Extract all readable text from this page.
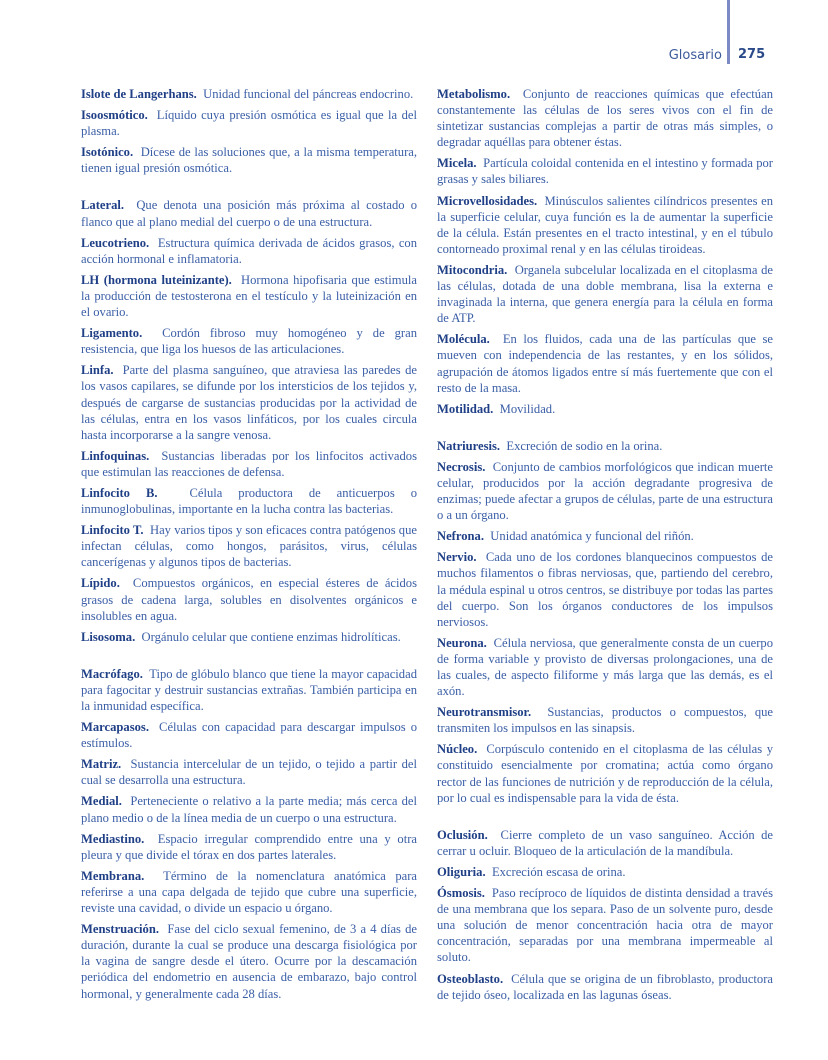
Glosario 275

Islote de Langerhans. Unidad funcional del páncreas endocrino.

Isoosmótico. Líquido cuya presión osmótica es igual que la del plasma.

Isotónico. Dícese de las soluciones que, a la misma temperatura, tienen igual presión osmótica.

Lateral. Que denota una posición más próxima al costado o flanco que al plano medial del cuerpo o de una estructura.

Leucotrieno. Estructura química derivada de ácidos grasos, con acción hormonal e inflamatoria.

LH (hormona luteinizante). Hormona hipofisaria que estimula la producción de testosterona en el testículo y la luteinización en el ovario.

Ligamento. Cordón fibroso muy homogéneo y de gran resistencia, que liga los huesos de las articulaciones.

Linfa. Parte del plasma sanguíneo, que atraviesa las paredes de los vasos capilares, se difunde por los intersticios de los tejidos y, después de cargarse de sustancias producidas por la actividad de las células, entra en los vasos linfáticos, por los cuales circula hasta incorporarse a la sangre venosa.

Linfoquinas. Sustancias liberadas por los linfocitos activados que estimulan las reacciones de defensa.

Linfocito B.	Célula productora de anticuerpos o inmunoglobulinas, importante en la lucha contra las bacterias.

Linfocito T. Hay varios tipos y son eficaces contra patógenos que infectan células, como hongos, parásitos, virus, células cancerígenas y algunos tipos de bacterias.

Lípido. Compuestos orgánicos, en especial ésteres de ácidos grasos de cadena larga, solubles en disolventes orgánicos e insolubles en agua.

Lisosoma. Orgánulo celular que contiene enzimas hidrolíticas.

Macrófago. Tipo de glóbulo blanco que tiene la mayor capacidad para fagocitar y destruir sustancias extrañas. También participa en la inmunidad específica.

Marcapasos. Células con capacidad para descargar impulsos o estímulos.

Matriz. Sustancia intercelular de un tejido, o tejido a partir del cual se desarrolla una estructura.

Medial. Perteneciente o relativo a la parte media; más cerca del plano medio o de la línea media de un cuerpo o una estructura.

Mediastino. Espacio irregular comprendido entre una y otra pleura y que divide el tórax en dos partes laterales.

Membrana. Término de la nomenclatura anatómica para referirse a una capa delgada de tejido que cubre una superficie, reviste una cavidad, o divide un espacio u órgano.

Menstruación. Fase del ciclo sexual femenino, de 3 a 4 días de duración, durante la cual se produce una descarga fisiológica por la vagina de sangre desde el útero. Ocurre por la descamación periódica del endometrio en ausencia de embarazo, bajo control hormonal, y generalmente cada 28 días.

Metabolismo. Conjunto de reacciones químicas que efectúan constantemente las células de los seres vivos con el fin de sintetizar sustancias complejas a partir de otras más simples, o degradar aquéllas para obtener éstas.

Micela. Partícula coloidal contenida en el intestino y formada por grasas y sales biliares.

Microvellosidades. Minúsculos salientes cilíndricos presentes en la superficie celular, cuya función es la de aumentar la superficie de la célula. Están presentes en el tracto intestinal, y en el túbulo contorneado proximal renal y en las células tiroideas.

Mitocondria. Organela subcelular localizada en el citoplasma de las células, dotada de una doble membrana, lisa la externa e invaginada la interna, que genera energía para la célula en forma de ATP.

Molécula. En los fluidos, cada una de las partículas que se mueven con independencia de las restantes, y en los sólidos, agrupación de átomos ligados entre sí más fuertemente que con el resto de la masa.

Motilidad. Movilidad.

Natriuresis. Excreción de sodio en la orina.

Necrosis. Conjunto de cambios morfológicos que indican muerte celular, producidos por la acción degradante progresiva de enzimas; puede afectar a grupos de células, parte de una estructura o a un órgano.

Nefrona. Unidad anatómica y funcional del riñón.

Nervio. Cada uno de los cordones blanquecinos compuestos de muchos filamentos o fibras nerviosas, que, partiendo del cerebro, la médula espinal u otros centros, se distribuye por todas las partes del cuerpo. Son los órganos conductores de los impulsos nerviosos.

Neurona. Célula nerviosa, que generalmente consta de un cuerpo de forma variable y provisto de diversas prolongaciones, una de las cuales, de aspecto filiforme y más larga que las demás, es el axón.

Neurotransmisor. Sustancias, productos o compuestos, que transmiten los impulsos en las sinapsis.

Núcleo. Corpúsculo contenido en el citoplasma de las células y constituido esencialmente por cromatina; actúa como órgano rector de las funciones de nutrición y de reproducción de la célula, por lo cual es indispensable para la vida de ésta.

Oclusión. Cierre completo de un vaso sanguíneo. Acción de cerrar u ocluir. Bloqueo de la articulación de la mandíbula.

Oliguria. Excreción escasa de orina.

Ósmosis. Paso recíproco de líquidos de distinta densidad a través de una membrana que los separa. Paso de un solvente puro, desde una solución de menor concentración hacia otra de mayor concentración, separadas por una membrana impermeable al soluto.

Osteoblasto. Célula que se origina de un fibroblasto, productora de tejido óseo, localizada en las lagunas óseas.
